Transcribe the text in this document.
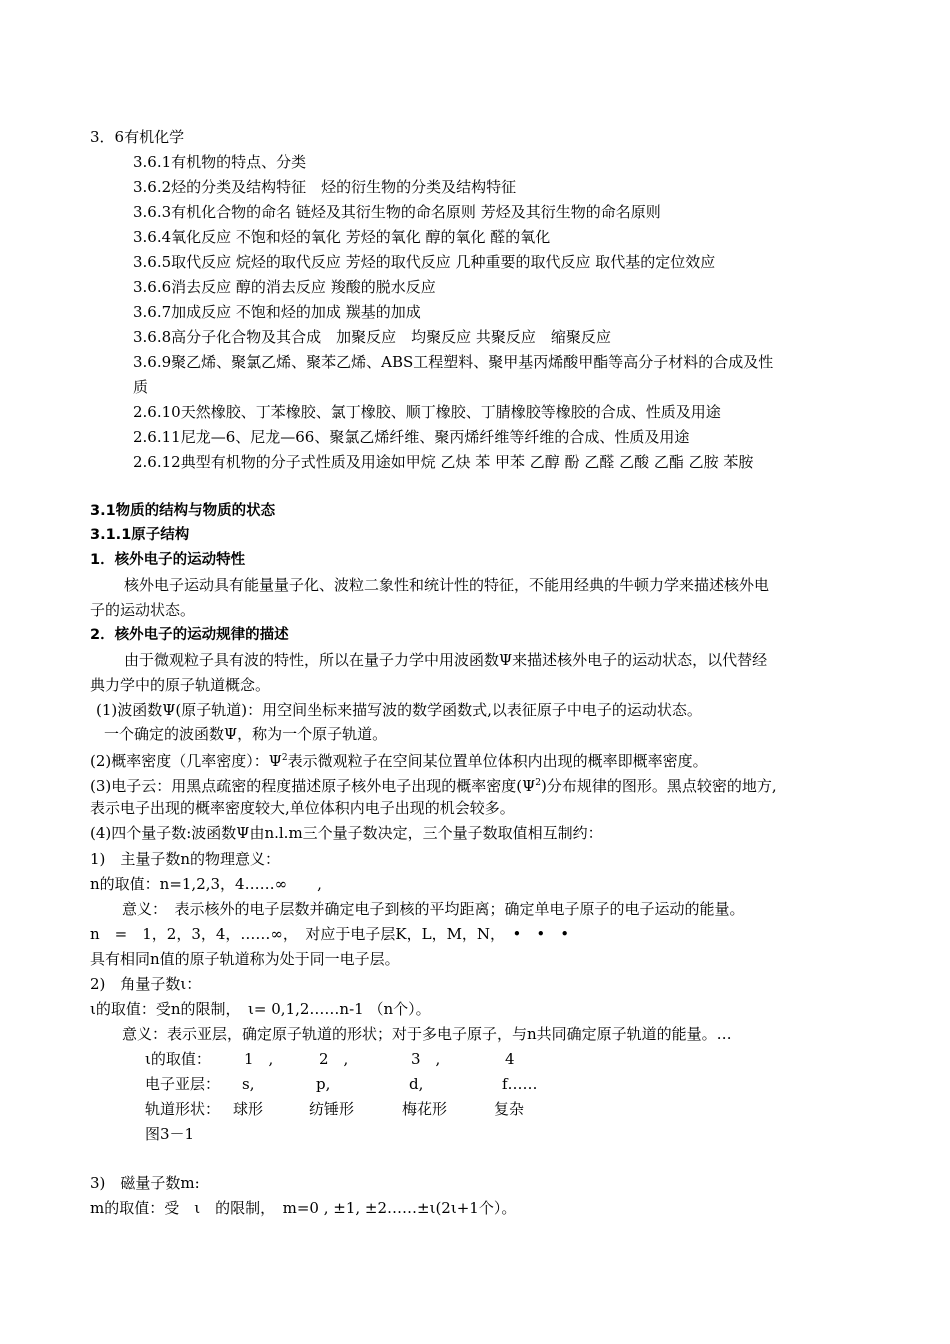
3．6有机化学
3.6.1有机物的特点、分类
3.6.2烃的分类及结构特征　烃的衍生物的分类及结构特征
3.6.3有机化合物的命名 链烃及其衍生物的命名原则 芳烃及其衍生物的命名原则
3.6.4氧化反应 不饱和烃的氧化 芳烃的氧化 醇的氧化 醛的氧化
3.6.5取代反应 烷烃的取代反应 芳烃的取代反应 几种重要的取代反应 取代基的定位效应
3.6.6消去反应 醇的消去反应 羧酸的脱水反应
3.6.7加成反应 不饱和烃的加成 羰基的加成
3.6.8高分子化合物及其合成　加聚反应　均聚反应 共聚反应　缩聚反应
3.6.9聚乙烯、聚氯乙烯、聚苯乙烯、ABS工程塑料、聚甲基丙烯酸甲酯等高分子材料的合成及性
质
2.6.10天然橡胶、丁苯橡胶、氯丁橡胶、顺丁橡胶、丁腈橡胶等橡胶的合成、性质及用途
2.6.11尼龙—6、尼龙—66、聚氯乙烯纤维、聚丙烯纤维等纤维的合成、性质及用途
2.6.12典型有机物的分子式性质及用途如甲烷 乙炔 苯 甲苯 乙醇 酚 乙醛 乙酸 乙酯 乙胺 苯胺
3.1物质的结构与物质的状态
3.1.1原子结构
1．核外电子的运动特性
核外电子运动具有能量量子化、波粒二象性和统计性的特征，不能用经典的牛顿力学来描述核外电
子的运动状态。
2．核外电子的运动规律的描述
由于微观粒子具有波的特性，所以在量子力学中用波函数Ψ来描述核外电子的运动状态，以代替经
典力学中的原子轨道概念。
(1)波函数Ψ(原子轨道)：用空间坐标来描写波的数学函数式,以表征原子中电子的运动状态。
一个确定的波函数Ψ，称为一个原子轨道。
(2)概率密度（几率密度）：$\Psi^2$表示微观粒子在空间某位置单位体积内出现的概率即概率密度。
(3)电子云：用黑点疏密的程度描述原子核外电子出现的概率密度$(\Psi^2)$分布规律的图形。黑点较密的地方,
表示电子出现的概率密度较大,单位体积内电子出现的机会较多。
(4)四个量子数:波函数Ψ由n.l.m三个量子数决定，三个量子数取值相互制约：
1)　主量子数n的物理意义：
n的取值：n=1,2,3，4……∞　　,
意义：　表示核外的电子层数并确定电子到核的平均距离；确定单电子原子的电子运动的能量。
n　=　1，2，3，4，……∞，　对应于电子层K，L，M，N，　•　•　•
具有相同n值的原子轨道称为处于同一电子层。
2)　角量子数ι：
ι的取值：受n的限制，　ι= 0,1,2……n-1 （n个）。
意义：表示亚层，确定原子轨道的形状；对于多电子原子，与n共同确定原子轨道的能量。…
ι的取值： 1　,	2　,	3　,	4
电子亚层： s,	p,	d,	f……
轨道形状： 球形	纺锤形	梅花形	复杂
图3－1
3)　磁量子数m:
m的取值：受　ι　的限制，　m=0 , ±1, ±2……±ι(2ι+1个）。
